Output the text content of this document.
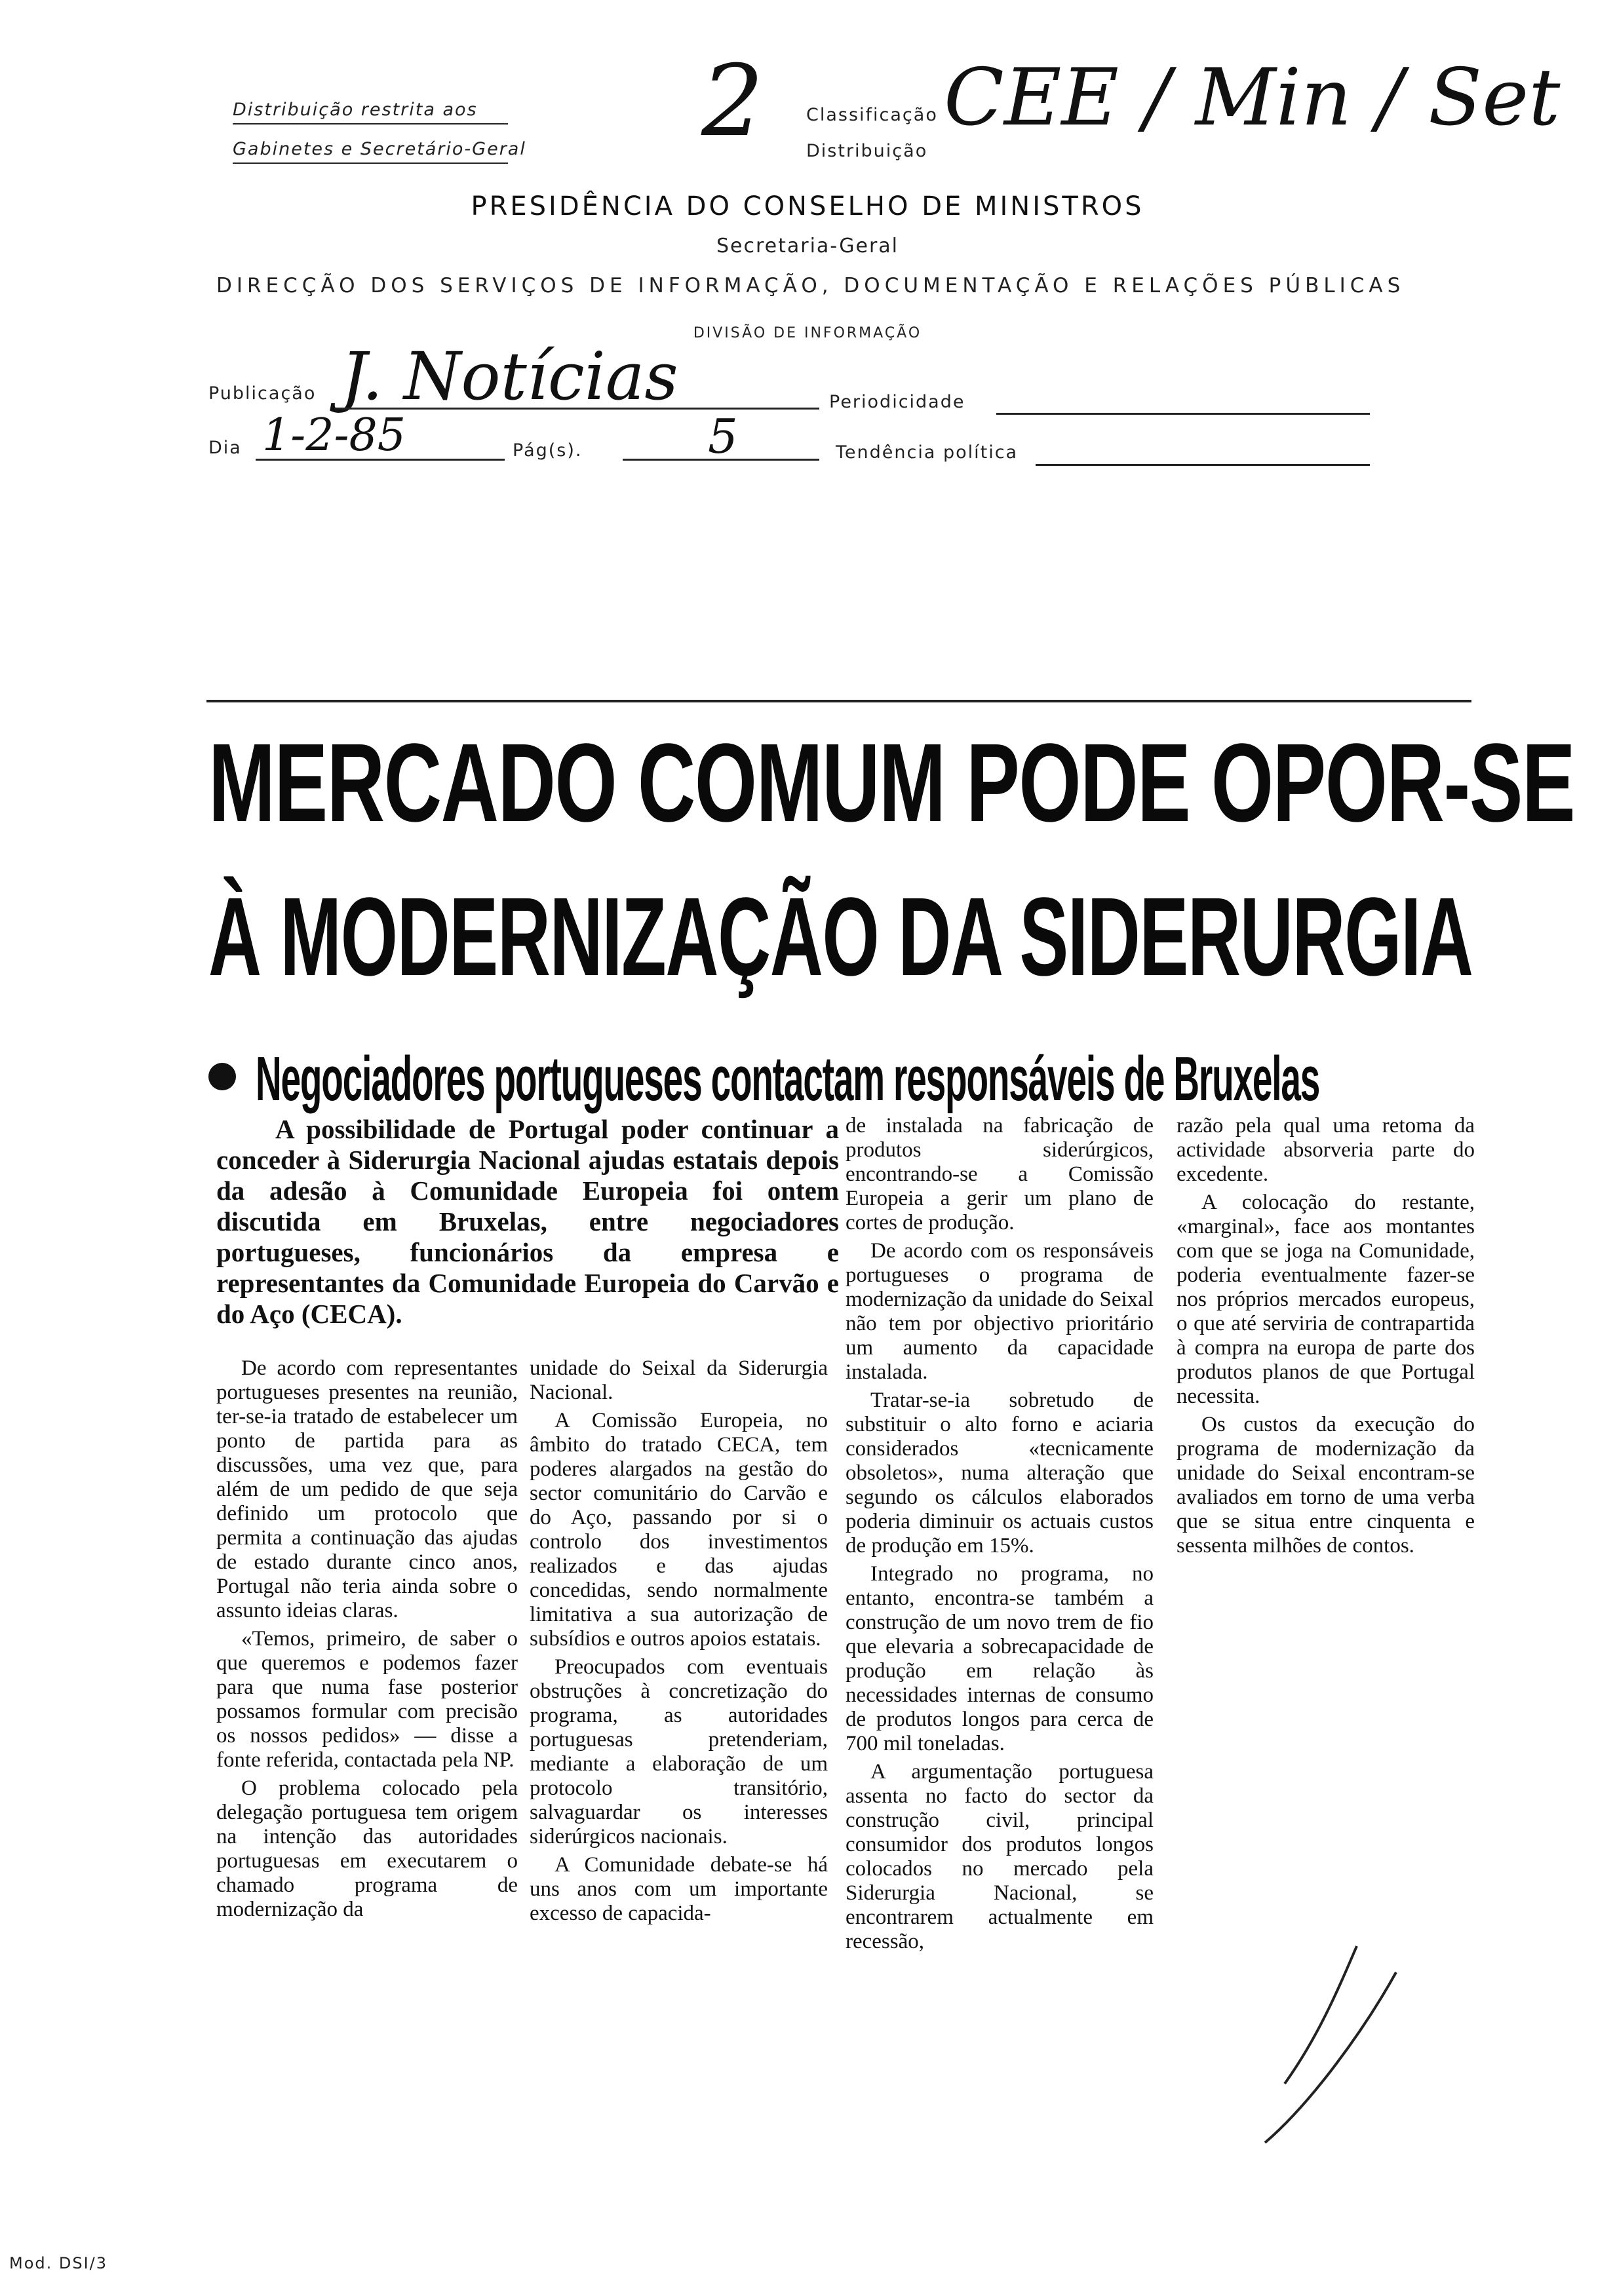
Distribuição restrita aos
Gabinetes e Secretário-Geral 2 Classificação
Distribuição
CEE / Min / Set
PRESIDÊNCIA DO CONSELHO DE MINISTROS
Secretaria-Geral
DIRECÇÃO DOS SERVIÇOS DE INFORMAÇÃO, DOCUMENTAÇÃO E RELAÇÕES PÚBLICAS
DIVISÃO DE INFORMAÇÃO
Publicação J. Notícias	Periodicidade
Dia 1-2-85	Pág(s).	5	Tendência política
MERCADO COMUM PODE OPOR-SE
À MODERNIZAÇÃO DA SIDERURGIA
Negociadores portugueses contactam responsáveis de Bruxelas

A possibilidade de Portugal poder continuar a conceder à Siderurgia Nacional ajudas estatais depois da adesão à Comunidade Europeia foi ontem discutida em Bruxelas, entre negociadores portugueses, funcionários da empresa e representantes da Comunidade Europeia do Carvão e do Aço (CECA).

De acordo com representantes portugueses presentes na reunião, ter-se-ia tratado de estabelecer um ponto de partida para as discussões, uma vez que, para além de um pedido de que seja definido um protocolo que permita a continuação das ajudas de estado durante cinco anos, Portugal não teria ainda sobre o assunto ideias claras.

«Temos, primeiro, de saber o que queremos e podemos fazer para que numa fase posterior possamos formular com precisão os nossos pedidos» — disse a fonte referida, contactada pela NP.

O problema colocado pela delegação portuguesa tem origem na intenção das autoridades portuguesas em executarem o chamado programa de modernização da

unidade do Seixal da Siderurgia Nacional.

A Comissão Europeia, no âmbito do tratado CECA, tem poderes alargados na gestão do sector comunitário do Carvão e do Aço, passando por si o controlo dos investimentos realizados e das ajudas concedidas, sendo normalmente limitativa a sua autorização de subsídios e outros apoios estatais.

Preocupados com eventuais obstruções à concretização do programa, as autoridades portuguesas pretenderiam, mediante a elaboração de um protocolo transitório, salvaguardar os interesses siderúrgicos nacionais.

A Comunidade debate-se há uns anos com um importante excesso de capacida-

de instalada na fabricação de produtos siderúrgicos, encontrando-se a Comissão Europeia a gerir um plano de cortes de produção.

De acordo com os responsáveis portugueses o programa de modernização da unidade do Seixal não tem por objectivo prioritário um aumento da capacidade instalada.

Tratar-se-ia sobretudo de substituir o alto forno e aciaria considerados «tecnicamente obsoletos», numa alteração que segundo os cálculos elaborados poderia diminuir os actuais custos de produção em 15%.

Integrado no programa, no entanto, encontra-se também a construção de um novo trem de fio que elevaria a sobrecapacidade de produção em relação às necessidades internas de consumo de produtos longos para cerca de 700 mil toneladas.

A argumentação portuguesa assenta no facto do sector da construção civil, principal consumidor dos produtos longos colocados no mercado pela Siderurgia Nacional, se encontrarem actualmente em recessão,

razão pela qual uma retoma da actividade absorveria parte do excedente.

A colocação do restante, «marginal», face aos montantes com que se joga na Comunidade, poderia eventualmente fazer-se nos próprios mercados europeus, o que até serviria de contrapartida à compra na europa de parte dos produtos planos de que Portugal necessita.

Os custos da execução do programa de modernização da unidade do Seixal encontram-se avaliados em torno de uma verba que se situa entre cinquenta e sessenta milhões de contos.

Mod. DSI/3
